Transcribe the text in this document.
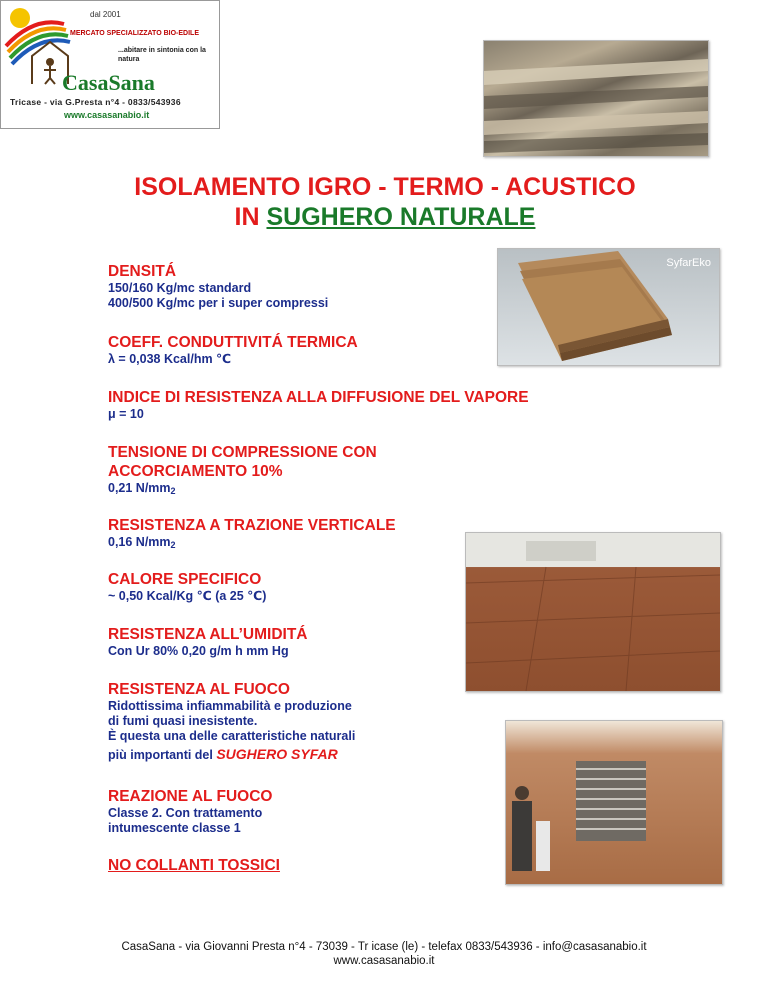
dal 2001
MERCATO SPECIALIZZATO BIO-EDILE
...abitare in sintonia con la natura
CasaSana
Tricase - via G.Presta n°4 - 0833/543936
www.casasanabio.it
SyfarEko
ISOLAMENTO IGRO - TERMO - ACUSTICO
IN SUGHERO NATURALE
DENSITÁ
150/160 Kg/mc standard
400/500 Kg/mc per i super compressi
COEFF. CONDUTTIVITÁ TERMICA
λ = 0,038 Kcal/hm ℃
INDICE DI RESISTENZA ALLA DIFFUSIONE DEL VAPORE
μ = 10
TENSIONE DI COMPRESSIONE CON
ACCORCIAMENTO 10%
0,21 $N/mm_2$
RESISTENZA A TRAZIONE VERTICALE
0,16 $N/mm_2$
CALORE SPECIFICO
~ 0,50 Kcal/Kg ℃ (a 25 ℃)
RESISTENZA ALL’UMIDITÁ
Con Ur 80% 0,20 g/m h mm Hg
RESISTENZA AL FUOCO
Ridottissima infiammabilità e produzione
di fumi quasi inesistente.
È questa una delle caratteristiche naturali
più importanti del SUGHERO SYFAR
REAZIONE AL FUOCO
Classe 2. Con trattamento
intumescente classe 1
NO COLLANTI TOSSICI
CasaSana - via Giovanni Presta n°4 - 73039 - Tr icase (le) - telefax 0833/543936 - info@casasanabio.it
www.casasanabio.it
